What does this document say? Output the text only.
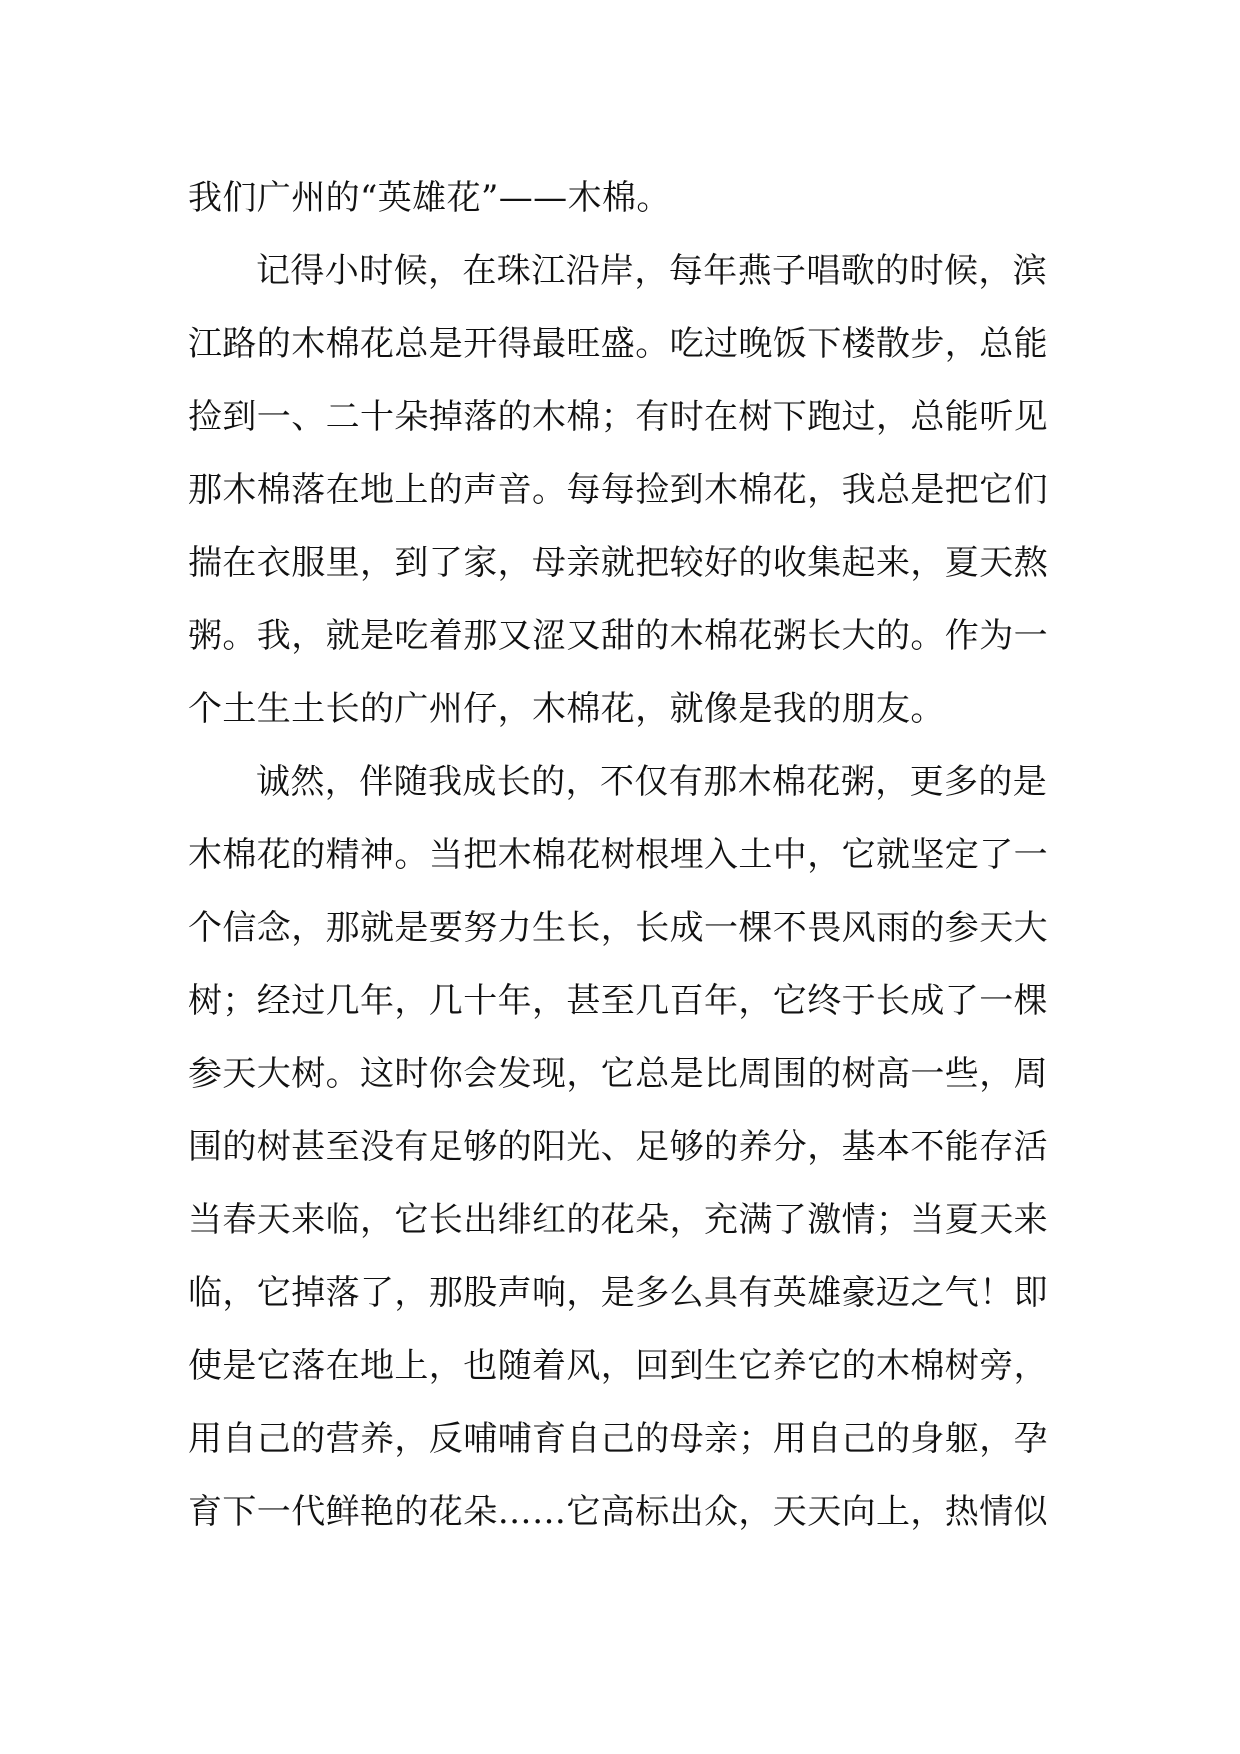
我们广州的“英雄花”——木棉。
记得小时候，在珠江沿岸，每年燕子唱歌的时候，滨
江路的木棉花总是开得最旺盛。吃过晚饭下楼散步，总能
捡到一、二十朵掉落的木棉；有时在树下跑过，总能听见
那木棉落在地上的声音。每每捡到木棉花，我总是把它们
揣在衣服里，到了家，母亲就把较好的收集起来，夏天熬
粥。我，就是吃着那又涩又甜的木棉花粥长大的。作为一
个土生土长的广州仔，木棉花，就像是我的朋友。
诚然，伴随我成长的，不仅有那木棉花粥，更多的是
木棉花的精神。当把木棉花树根埋入土中，它就坚定了一
个信念，那就是要努力生长，长成一棵不畏风雨的参天大
树；经过几年，几十年，甚至几百年，它终于长成了一棵
参天大树。这时你会发现，它总是比周围的树高一些，周
围的树甚至没有足够的阳光、足够的养分，基本不能存活
当春天来临，它长出绯红的花朵，充满了激情；当夏天来
临，它掉落了，那股声响，是多么具有英雄豪迈之气！即
使是它落在地上，也随着风，回到生它养它的木棉树旁，
用自己的营养，反哺哺育自己的母亲；用自己的身躯，孕
育下一代鲜艳的花朵……它高标出众，天天向上，热情似
